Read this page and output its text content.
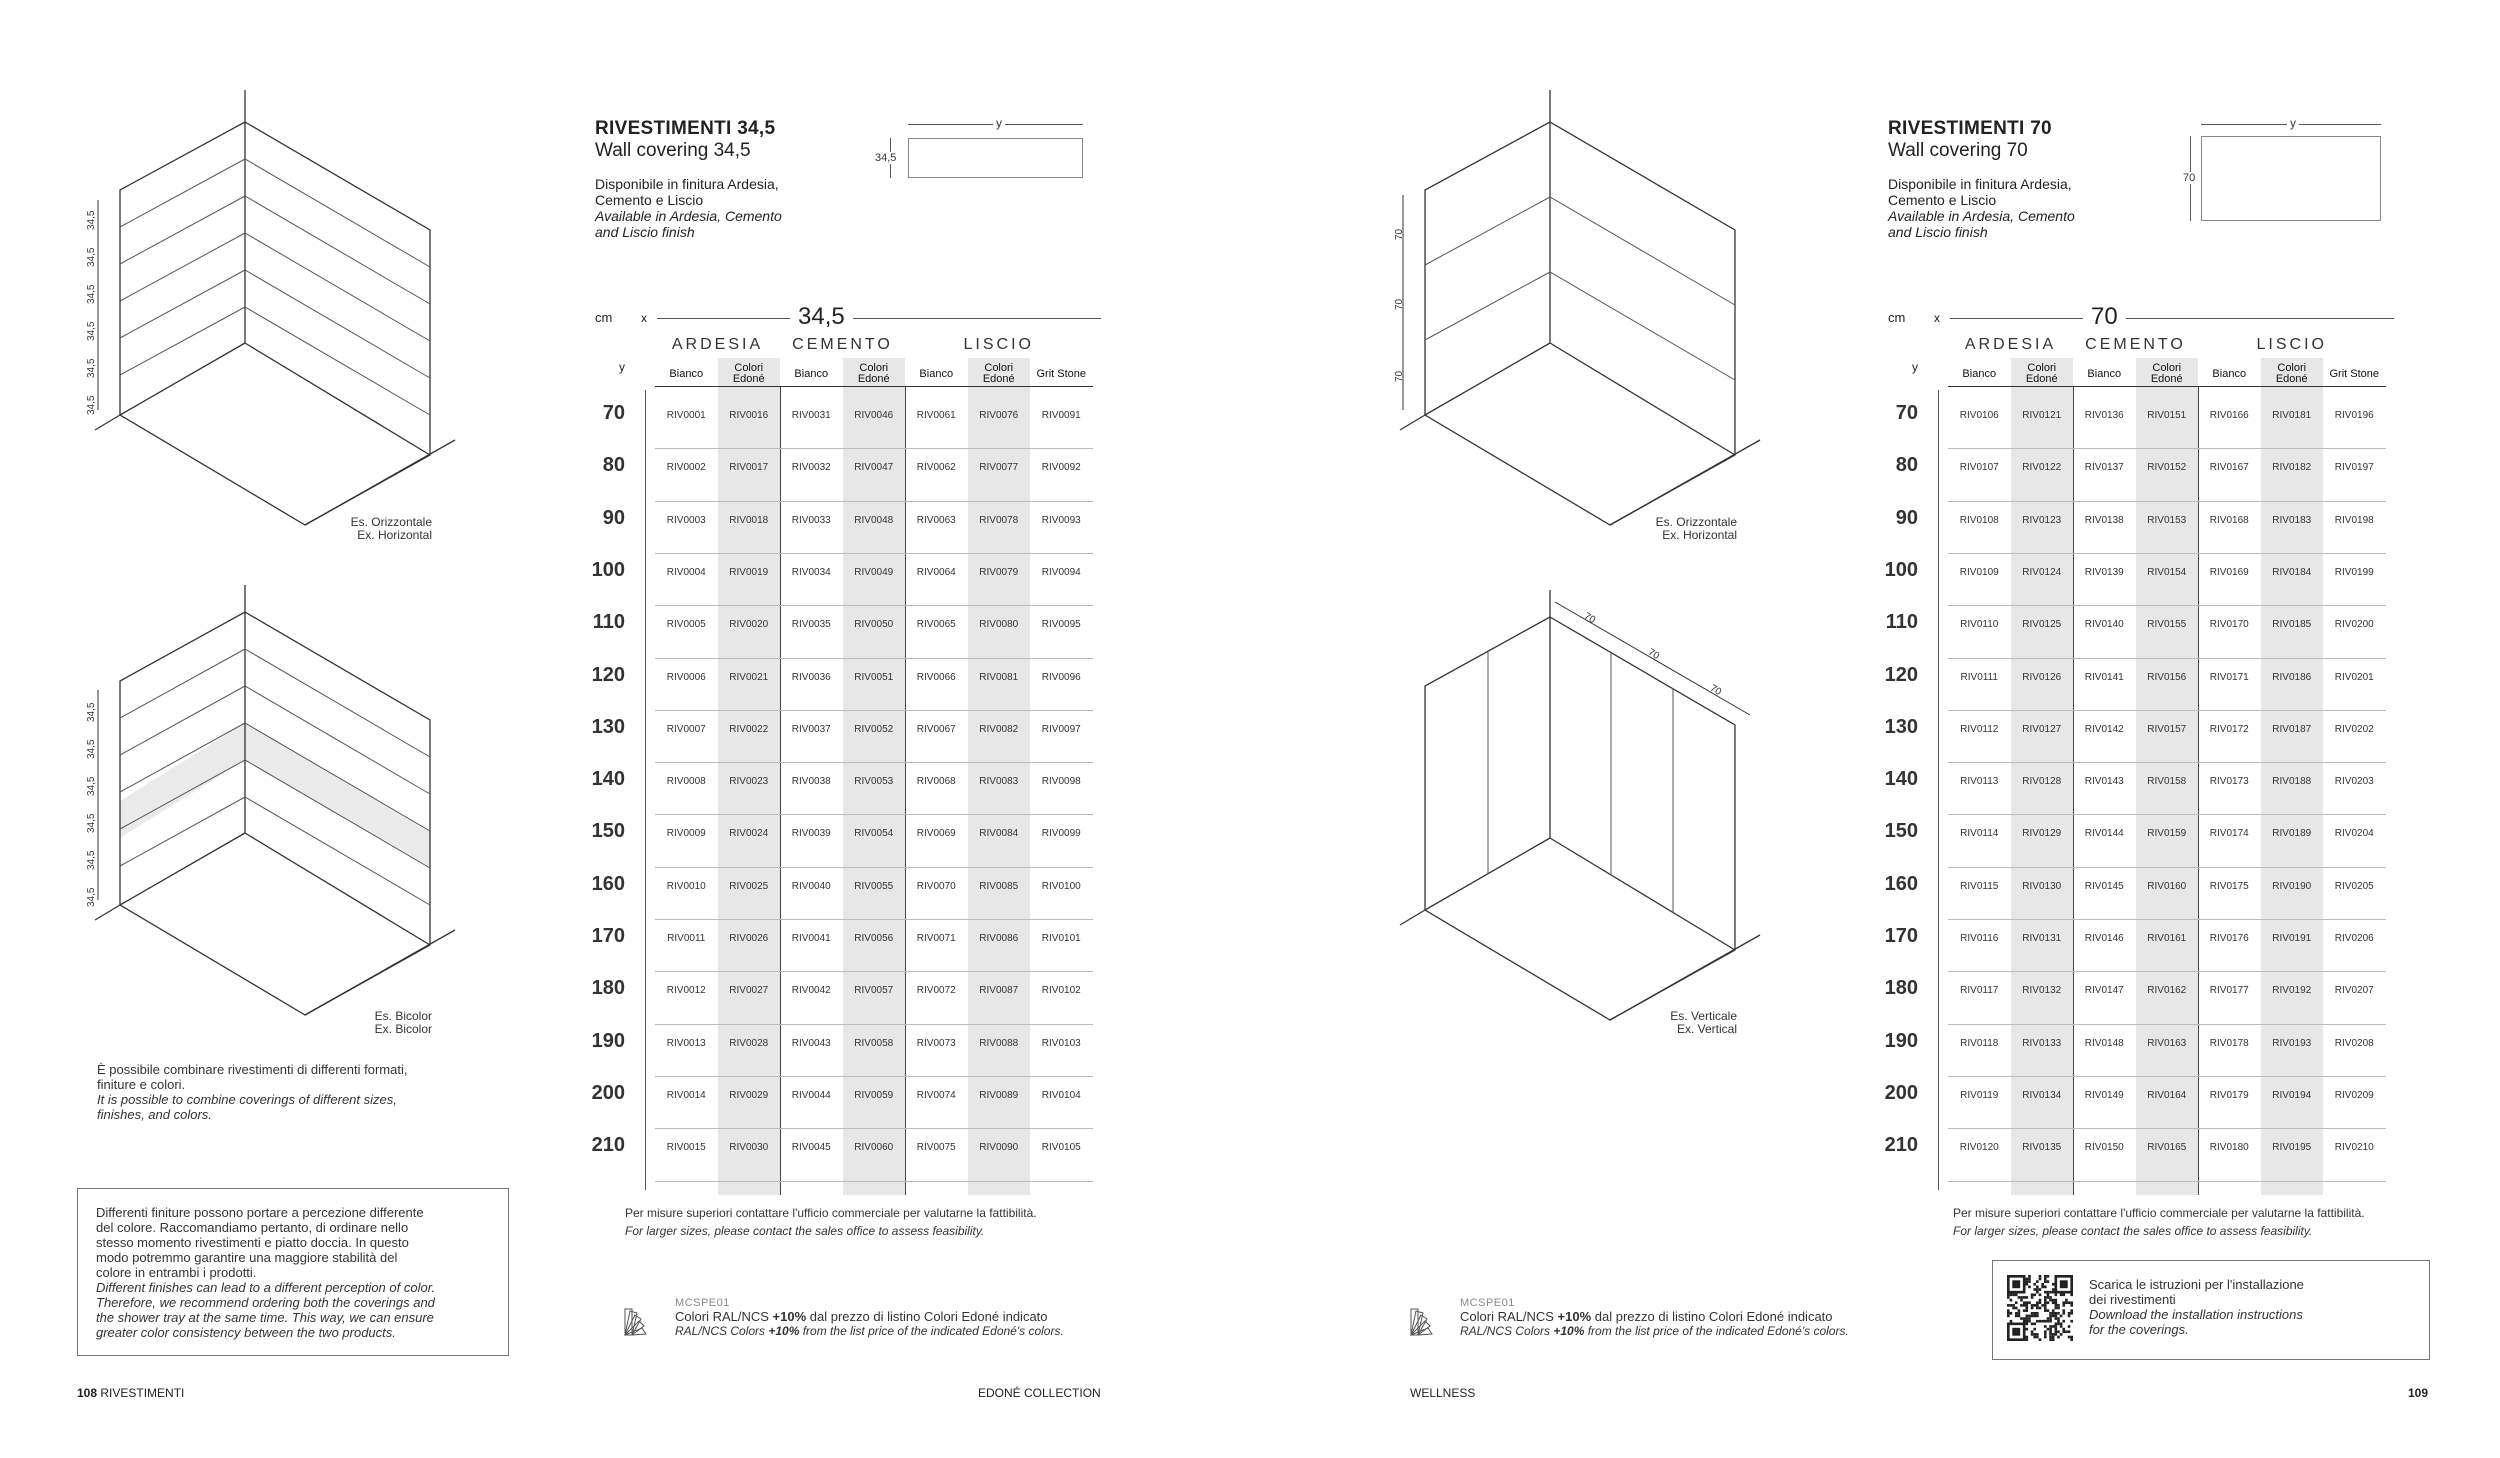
34,5
34,5
34,5
34,5
34,5
34,5
Es. Orizzontale
Ex. Horizontal
34,5
34,5
34,5
34,5
34,5
34,5
Es. Bicolor
Ex. Bicolor
È possibile combinare rivestimenti di differenti formati,
finiture e colori.
It is possible to combine coverings of different sizes,
finishes, and colors.
Differenti finiture possono portare a percezione differente
del colore. Raccomandiamo pertanto, di ordinare nello
stesso momento rivestimenti e piatto doccia. In questo
modo potremmo garantire una maggiore stabilità del
colore in entrambi i prodotti.
Different finishes can lead to a different perception of color.
Therefore, we recommend ordering both the coverings and
the shower tray at the same time. This way, we can ensure
greater color consistency between the two products.
RIVESTIMENTI 34,5
Wall covering 34,5
Disponibile in finitura Ardesia,
Cemento e Liscio
Available in Ardesia, Cemento
and Liscio finish
y
34,5
cm x	34,5
ARDESIA	CEMENTO	LISCIO
y	Bianco	Colori Edoné	Bianco	Colori Edoné	Bianco	Colori Edoné	Grit Stone
70	RIV0001	RIV0016	RIV0031	RIV0046	RIV0061	RIV0076	RIV0091
80	RIV0002	RIV0017	RIV0032	RIV0047	RIV0062	RIV0077	RIV0092
90	RIV0003	RIV0018	RIV0033	RIV0048	RIV0063	RIV0078	RIV0093
100	RIV0004	RIV0019	RIV0034	RIV0049	RIV0064	RIV0079	RIV0094
110	RIV0005	RIV0020	RIV0035	RIV0050	RIV0065	RIV0080	RIV0095
120	RIV0006	RIV0021	RIV0036	RIV0051	RIV0066	RIV0081	RIV0096
130	RIV0007	RIV0022	RIV0037	RIV0052	RIV0067	RIV0082	RIV0097
140	RIV0008	RIV0023	RIV0038	RIV0053	RIV0068	RIV0083	RIV0098
150	RIV0009	RIV0024	RIV0039	RIV0054	RIV0069	RIV0084	RIV0099
160	RIV0010	RIV0025	RIV0040	RIV0055	RIV0070	RIV0085	RIV0100
170	RIV0011	RIV0026	RIV0041	RIV0056	RIV0071	RIV0086	RIV0101
180	RIV0012	RIV0027	RIV0042	RIV0057	RIV0072	RIV0087	RIV0102
190	RIV0013	RIV0028	RIV0043	RIV0058	RIV0073	RIV0088	RIV0103
200	RIV0014	RIV0029	RIV0044	RIV0059	RIV0074	RIV0089	RIV0104
210	RIV0015	RIV0030	RIV0045	RIV0060	RIV0075	RIV0090	RIV0105
Per misure superiori contattare l'ufficio commerciale per valutarne la fattibilità.
For larger sizes, please contact the sales office to assess feasibility.
MCSPE01
Colori RAL/NCS +10% dal prezzo di listino Colori Edoné indicato
RAL/NCS Colors +10% from the list price of the indicated Edoné's colors.
108 RIVESTIMENTI	EDONÉ COLLECTION
70
70
70
Es. Orizzontale
Ex. Horizontal
70
70
70
Es. Verticale
Ex. Vertical
RIVESTIMENTI 70
Wall covering 70
Disponibile in finitura Ardesia,
Cemento e Liscio
Available in Ardesia, Cemento
and Liscio finish
y
70
cm x	70
ARDESIA	CEMENTO	LISCIO
y	Bianco	Colori Edoné	Bianco	Colori Edoné	Bianco	Colori Edoné	Grit Stone
70	RIV0106	RIV0121	RIV0136	RIV0151	RIV0166	RIV0181	RIV0196
80	RIV0107	RIV0122	RIV0137	RIV0152	RIV0167	RIV0182	RIV0197
90	RIV0108	RIV0123	RIV0138	RIV0153	RIV0168	RIV0183	RIV0198
100	RIV0109	RIV0124	RIV0139	RIV0154	RIV0169	RIV0184	RIV0199
110	RIV0110	RIV0125	RIV0140	RIV0155	RIV0170	RIV0185	RIV0200
120	RIV0111	RIV0126	RIV0141	RIV0156	RIV0171	RIV0186	RIV0201
130	RIV0112	RIV0127	RIV0142	RIV0157	RIV0172	RIV0187	RIV0202
140	RIV0113	RIV0128	RIV0143	RIV0158	RIV0173	RIV0188	RIV0203
150	RIV0114	RIV0129	RIV0144	RIV0159	RIV0174	RIV0189	RIV0204
160	RIV0115	RIV0130	RIV0145	RIV0160	RIV0175	RIV0190	RIV0205
170	RIV0116	RIV0131	RIV0146	RIV0161	RIV0176	RIV0191	RIV0206
180	RIV0117	RIV0132	RIV0147	RIV0162	RIV0177	RIV0192	RIV0207
190	RIV0118	RIV0133	RIV0148	RIV0163	RIV0178	RIV0193	RIV0208
200	RIV0119	RIV0134	RIV0149	RIV0164	RIV0179	RIV0194	RIV0209
210	RIV0120	RIV0135	RIV0150	RIV0165	RIV0180	RIV0195	RIV0210
Per misure superiori contattare l'ufficio commerciale per valutarne la fattibilità.
For larger sizes, please contact the sales office to assess feasibility.
MCSPE01
Colori RAL/NCS +10% dal prezzo di listino Colori Edoné indicato
RAL/NCS Colors +10% from the list price of the indicated Edoné's colors.
Scarica le istruzioni per l'installazione
dei rivestimenti
Download the installation instructions
for the coverings.
WELLNESS	109
